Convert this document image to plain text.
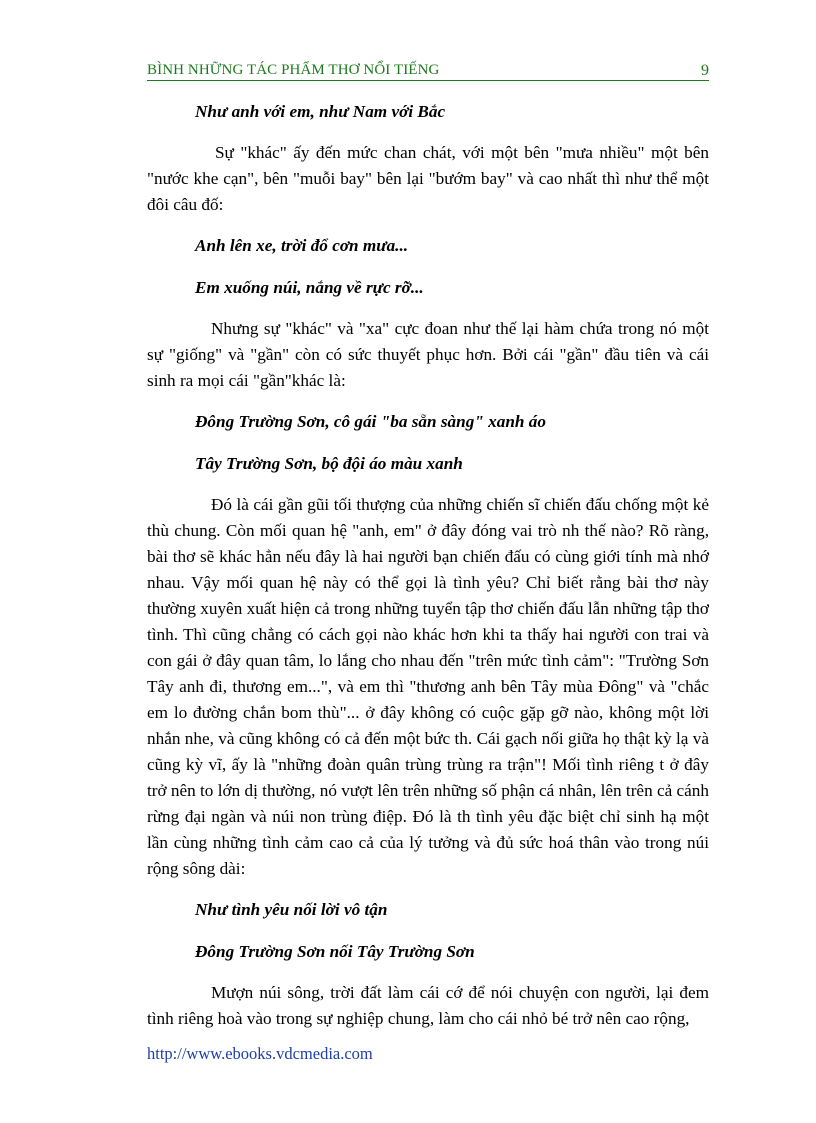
BÌNH NHỮNG TÁC PHẨM THƠ NỔI TIẾNG	9

Như anh với em, như Nam với Bắc

Sự "khác" ấy đến mức chan chát, với một bên "mưa nhiều" một bên "nước khe cạn", bên "muỗi bay" bên lại "bướm bay" và cao nhất thì như thể một đôi câu đố:

Anh lên xe, trời đổ cơn mưa...

Em xuống núi, nắng về rực rỡ...

Nhưng sự "khác" và "xa" cực đoan như thế lại hàm chứa trong nó một sự "giống" và "gần" còn có sức thuyết phục hơn. Bởi cái "gần" đầu tiên và cái sinh ra mọi cái "gần"khác là:

Đông Trường Sơn, cô gái "ba sẵn sàng" xanh áo

Tây Trường Sơn, bộ đội áo màu xanh

Đó là cái gần gũi tối thượng của những chiến sĩ chiến đấu chống một kẻ thù chung. Còn mối quan hệ "anh, em" ở đây đóng vai trò nh thế nào? Rõ ràng, bài thơ sẽ khác hẳn nếu đây là hai người bạn chiến đấu có cùng giới tính mà nhớ nhau. Vậy mối quan hệ này có thể gọi là tình yêu? Chỉ biết rằng bài thơ này thường xuyên xuất hiện cả trong những tuyển tập thơ chiến đấu lẫn những tập thơ tình. Thì cũng chẳng có cách gọi nào khác hơn khi ta thấy hai người con trai và con gái ở đây quan tâm, lo lắng cho nhau đến "trên mức tình cảm": "Trường Sơn Tây anh đi, thương em...", và em thì "thương anh bên Tây mùa Đông" và "chắc em lo đường chắn bom thù"... ở đây không có cuộc gặp gỡ nào, không một lời nhắn nhe, và cũng không có cả đến một bức th. Cái gạch nối giữa họ thật kỳ lạ và cũng kỳ vĩ, ấy là "những đoàn quân trùng trùng ra trận"! Mối tình riêng t ở đây trở nên to lớn dị thường, nó vượt lên trên những số phận cá nhân, lên trên cả cánh rừng đại ngàn và núi non trùng điệp. Đó là th tình yêu đặc biệt chỉ sinh hạ một lần cùng những tình cảm cao cả của lý tưởng và đủ sức hoá thân vào trong núi rộng sông dài:

Như tình yêu nối lời vô tận

Đông Trường Sơn nối Tây Trường Sơn

Mượn núi sông, trời đất làm cái cớ để nói chuyện con người, lại đem tình riêng hoà vào trong sự nghiệp chung, làm cho cái nhỏ bé trở nên cao rộng,

http://www.ebooks.vdcmedia.com
